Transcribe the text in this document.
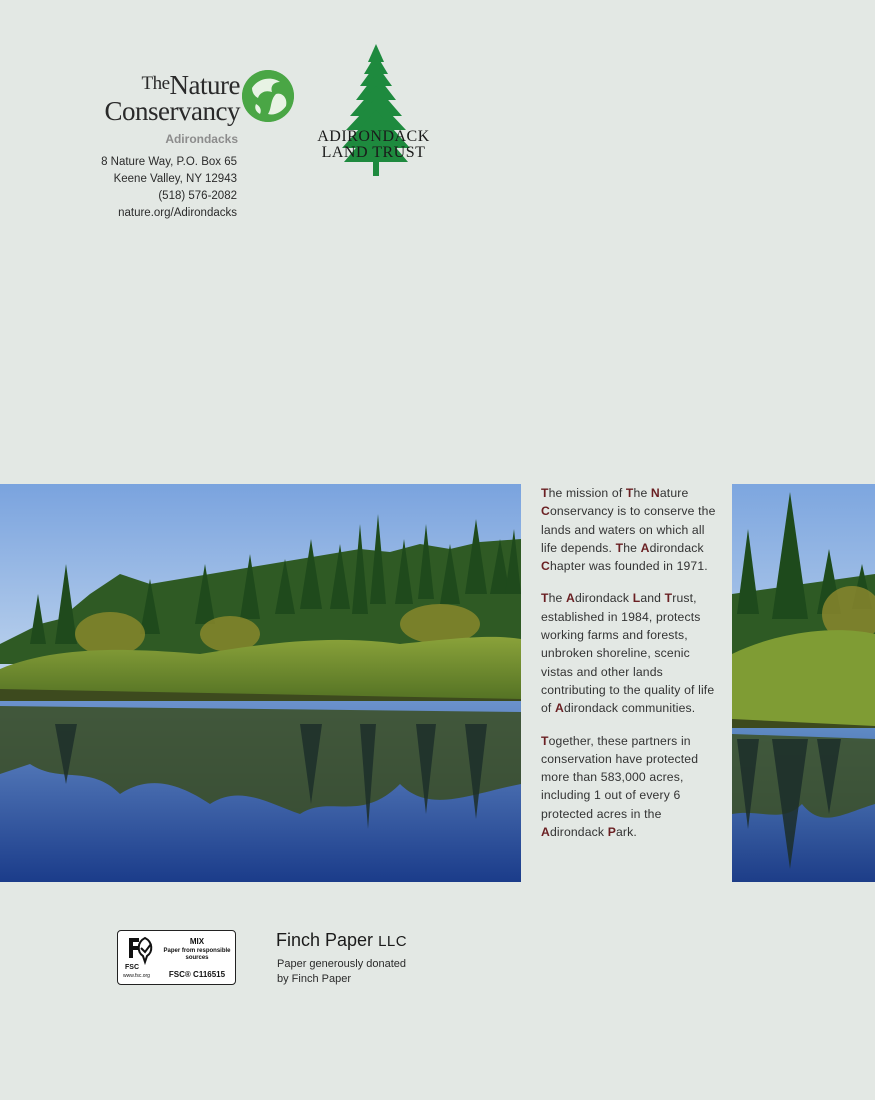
TheNature
Conservancy
Adirondacks
8 Nature Way, P.O. Box 65
Keene Valley, NY 12943
(518) 576-2082
nature.org/Adirondacks
ADIRONDACK
LAND TRUST

The mission of The Nature Conservancy is to conserve the lands and waters on which all life depends. The Adirondack Chapter was founded in 1971.

The Adirondack Land Trust, established in 1984, protects working farms and forests, unbroken shoreline, scenic vistas and other lands contributing to the quality of life of Adirondack communities.

Together, these partners in conservation have protected more than 583,000 acres, including 1 out of every 6 protected acres in the Adirondack Park.

FSC
www.fsc.org
MIX
Paper from responsible sources
FSC® C116515
Finch Paper LLC
Paper generously donated
by Finch Paper
